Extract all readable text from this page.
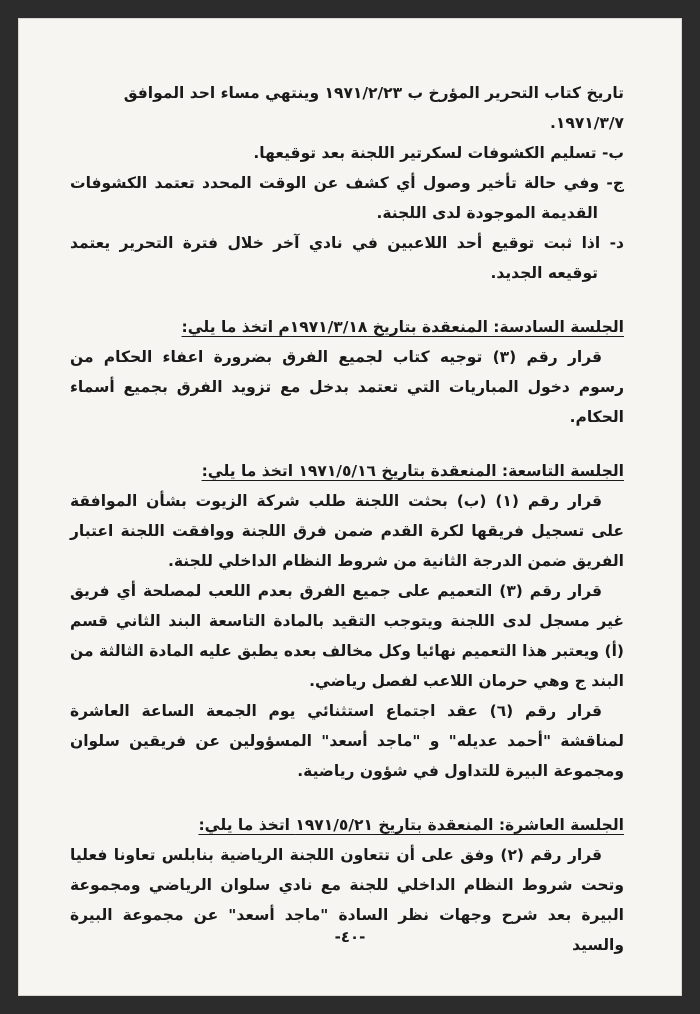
تاريخ كتاب التحرير المؤرخ ب ١٩٧١/٢/٢٣ وينتهي مساء احد الموافق

١٩٧١/٣/٧.

ب- تسليم الكشوفات لسكرتير اللجنة بعد توقيعها.

ج- وفي حالة تأخير وصول أي كشف عن الوقت المحدد تعتمد الكشوفات القديمة الموجودة لدى اللجنة.

د- اذا ثبت توقيع أحد اللاعبين في نادي آخر خلال فترة التحرير يعتمد توقيعه الجديد.

الجلسة السادسة: المنعقدة بتاريخ ١٩٧١/٣/١٨م اتخذ ما يلي:

قرار رقم (٣) توجيه كتاب لجميع الفرق بضرورة اعفاء الحكام من رسوم دخول المباريات التي تعتمد بدخل مع تزويد الفرق بجميع أسماء الحكام.

الجلسة التاسعة: المنعقدة بتاريخ ١٩٧١/٥/١٦ اتخذ ما يلي:

قرار رقم (١) (ب) بحثت اللجنة طلب شركة الزيوت بشأن الموافقة على تسجيل فريقها لكرة القدم ضمن فرق اللجنة ووافقت اللجنة اعتبار الفريق ضمن الدرجة الثانية من شروط النظام الداخلي للجنة.

قرار رقم (٣) التعميم على جميع الفرق بعدم اللعب لمصلحة أي فريق غير مسجل لدى اللجنة ويتوجب التقيد بالمادة التاسعة البند الثاني قسم (أ) ويعتبر هذا التعميم نهائيا وكل مخالف بعده يطبق عليه المادة الثالثة من البند ج وهي حرمان اللاعب لفصل رياضي.

قرار رقم (٦) عقد اجتماع استثنائي يوم الجمعة الساعة العاشرة لمناقشة "أحمد عديله" و "ماجد أسعد" المسؤولين عن فريقين سلوان ومجموعة البيرة للتداول في شؤون رياضية.

الجلسة العاشرة: المنعقدة بتاريخ ١٩٧١/٥/٢١ اتخذ ما يلي:

قرار رقم (٢) وفق على أن تتعاون اللجنة الرياضية بنابلس تعاونا فعليا وتحت شروط النظام الداخلي للجنة مع نادي سلوان الرياضي ومجموعة البيرة بعد شرح وجهات نظر السادة "ماجد أسعد" عن مجموعة البيرة والسيد

-٤٠-
